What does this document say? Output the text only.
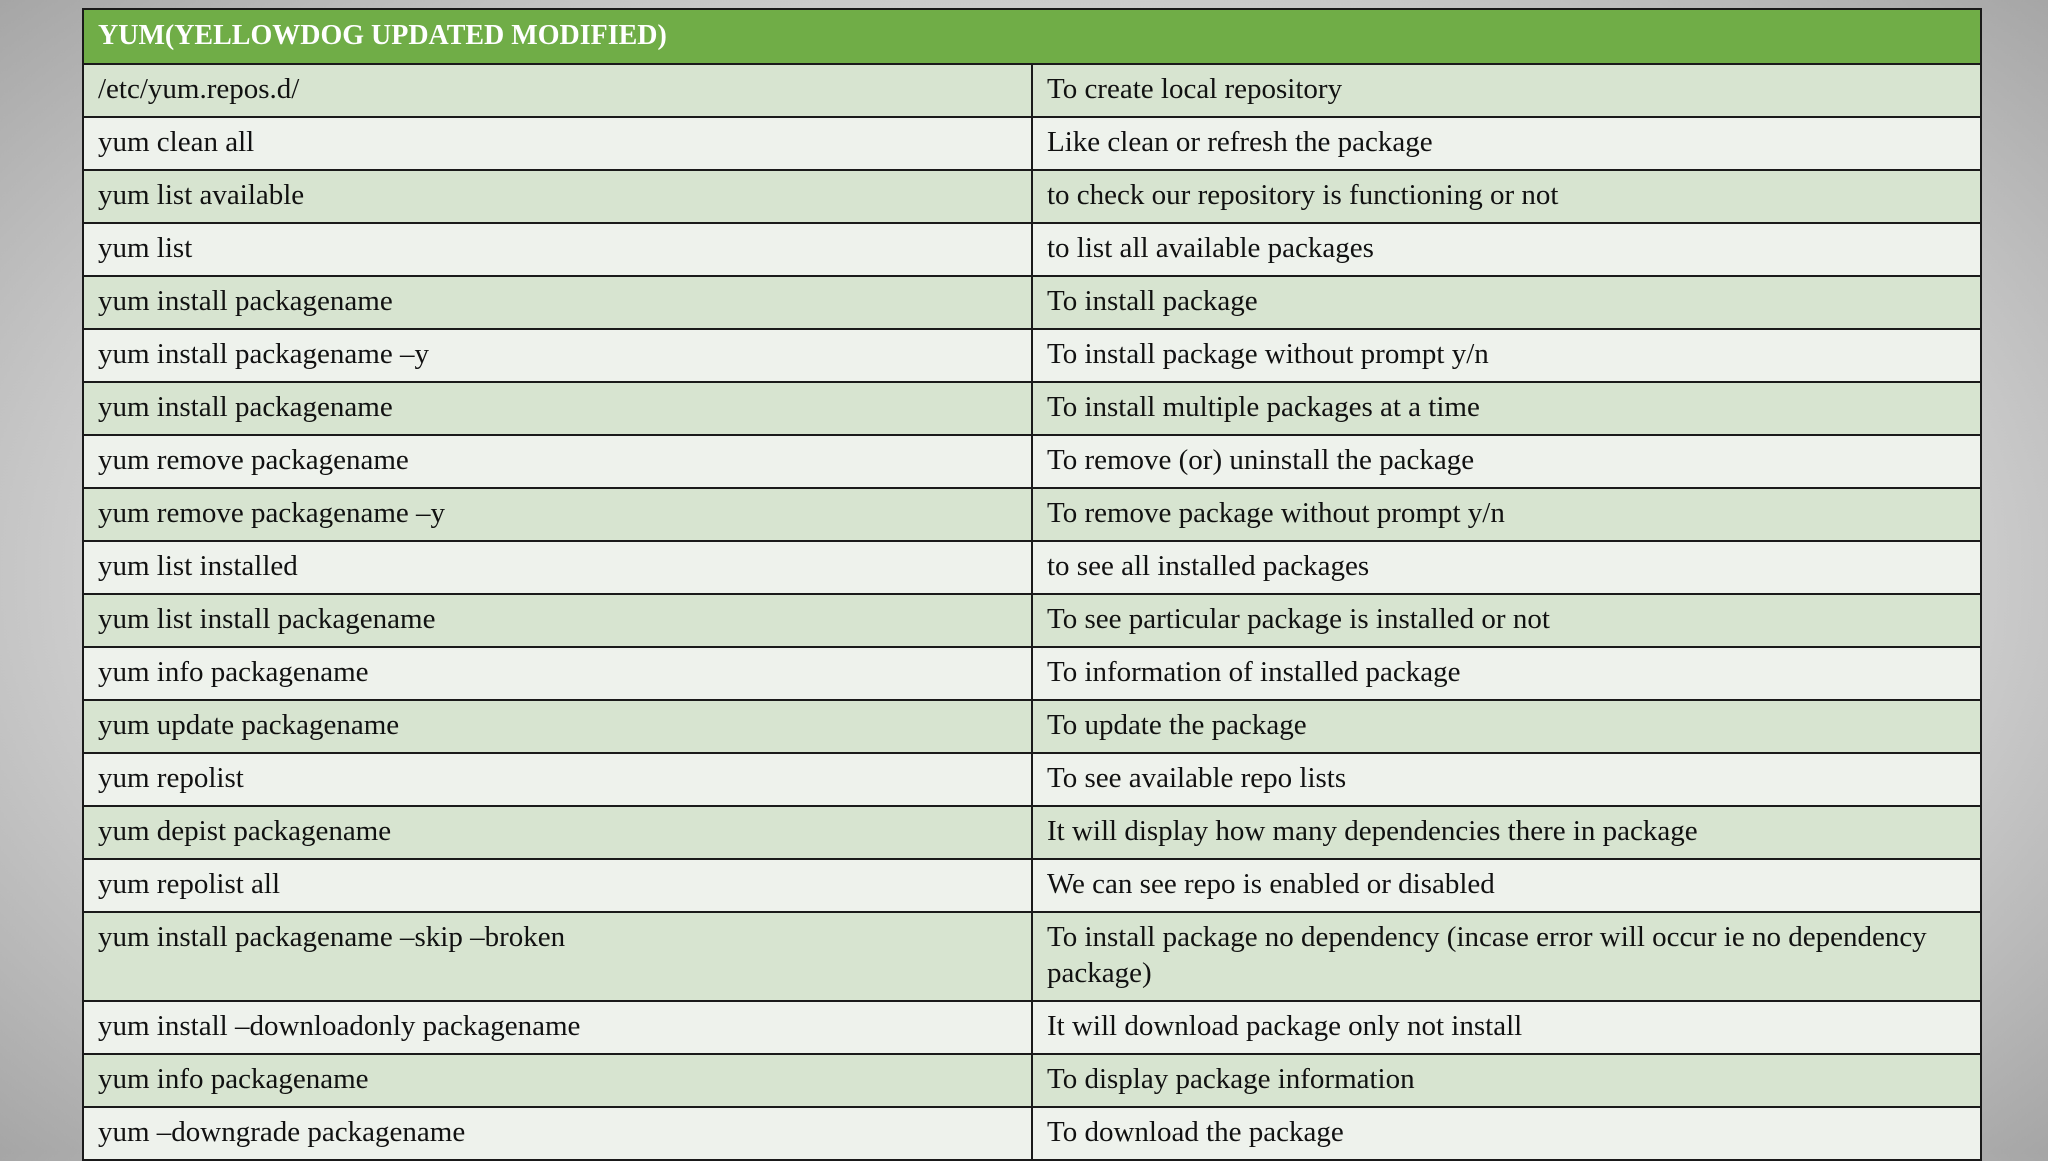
YUM(YELLOWDOG UPDATED MODIFIED)	
/etc/yum.repos.d/	To create local repository
yum clean all	Like clean or refresh the package
yum list available	to check our repository is functioning or not
yum list	to list all available packages
yum install packagename	To install package
yum install packagename –y	To install package without prompt y/n
yum install packagename	To install multiple packages at a time
yum remove packagename	To remove (or) uninstall the package
yum remove packagename –y	To remove package without prompt y/n
yum list installed	to see all installed packages
yum list install packagename	To see particular package is installed or not
yum info packagename	To information of installed package
yum update packagename	To update the package
yum repolist	To see available repo lists
yum depist packagename	It will display how many dependencies there in package
yum repolist all	We can see repo is enabled or disabled
yum install packagename –skip –broken	To install package no dependency (incase error will occur ie no dependency package)
yum install –downloadonly packagename	It will download package only not install
yum info packagename	To display package information
yum –downgrade packagename	To download the package
